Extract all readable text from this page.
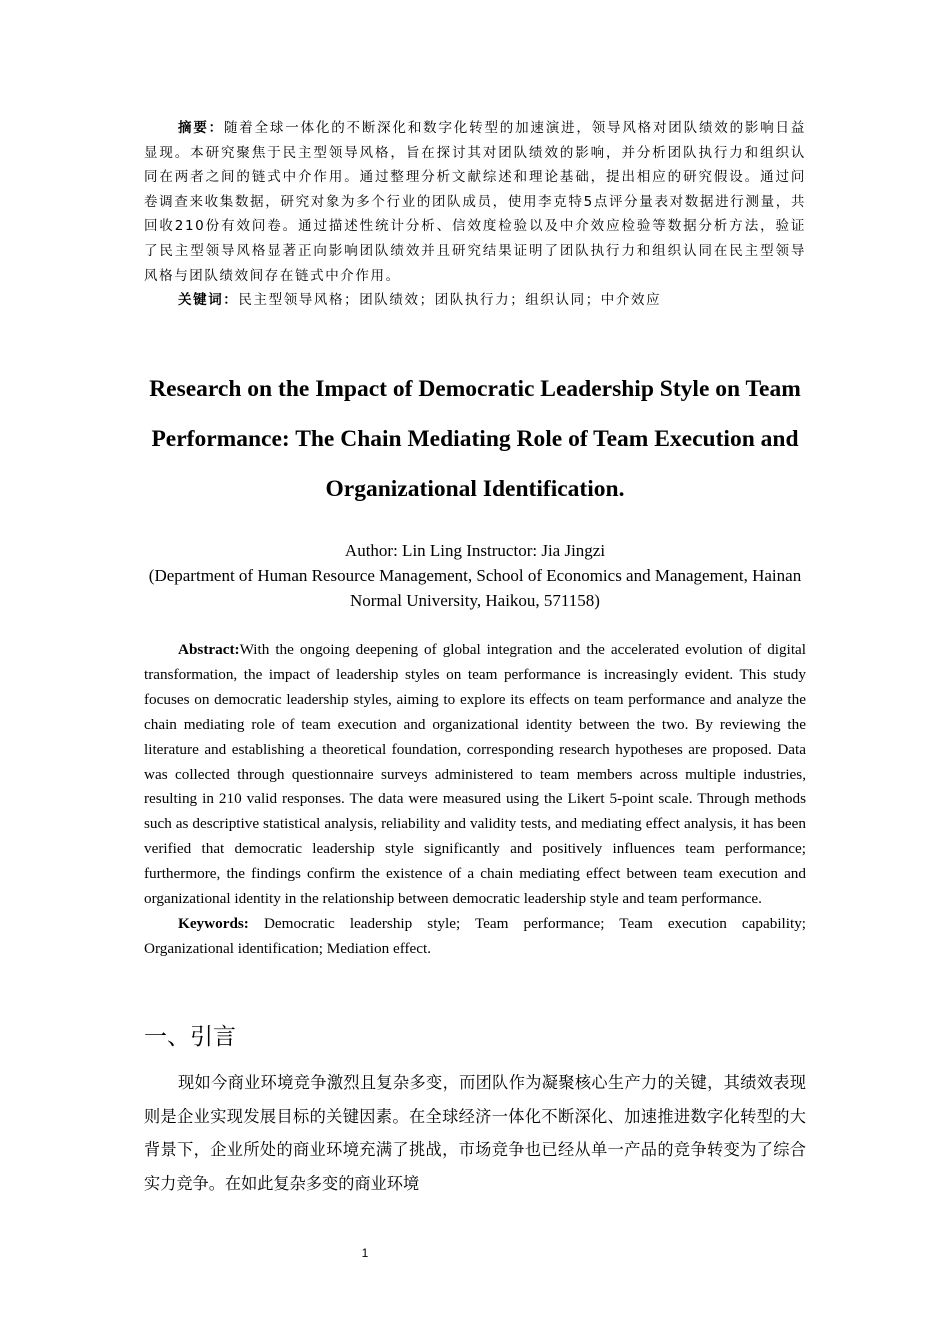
摘要：随着全球一体化的不断深化和数字化转型的加速演进，领导风格对团队绩效的影响日益显现。本研究聚焦于民主型领导风格，旨在探讨其对团队绩效的影响，并分析团队执行力和组织认同在两者之间的链式中介作用。通过整理分析文献综述和理论基础，提出相应的研究假设。通过问卷调查来收集数据，研究对象为多个行业的团队成员，使用李克特5点评分量表对数据进行测量，共回收210份有效问卷。通过描述性统计分析、信效度检验以及中介效应检验等数据分析方法，验证了民主型领导风格显著正向影响团队绩效并且研究结果证明了团队执行力和组织认同在民主型领导风格与团队绩效间存在链式中介作用。

关键词：民主型领导风格；团队绩效；团队执行力；组织认同；中介效应

Research on the Impact of Democratic Leadership Style on Team Performance: The Chain Mediating Role of Team Execution and Organizational Identification.
Author: Lin Ling Instructor: Jia Jingzi
(Department of Human Resource Management, School of Economics and Management, Hainan Normal University, Haikou, 571158)

Abstract:With the ongoing deepening of global integration and the accelerated evolution of digital transformation, the impact of leadership styles on team performance is increasingly evident. This study focuses on democratic leadership styles, aiming to explore its effects on team performance and analyze the chain mediating role of team execution and organizational identity between the two. By reviewing the literature and establishing a theoretical foundation, corresponding research hypotheses are proposed. Data was collected through questionnaire surveys administered to team members across multiple industries, resulting in 210 valid responses. The data were measured using the Likert 5-point scale. Through methods such as descriptive statistical analysis, reliability and validity tests, and mediating effect analysis, it has been verified that democratic leadership style significantly and positively influences team performance; furthermore, the findings confirm the existence of a chain mediating effect between team execution and organizational identity in the relationship between democratic leadership style and team performance.

Keywords: Democratic leadership style; Team performance; Team execution capability; Organizational identification; Mediation effect.

一、引言

现如今商业环境竞争激烈且复杂多变，而团队作为凝聚核心生产力的关键，其绩效表现则是企业实现发展目标的关键因素。在全球经济一体化不断深化、加速推进数字化转型的大背景下，企业所处的商业环境充满了挑战，市场竞争也已经从单一产品的竞争转变为了综合实力竞争。在如此复杂多变的商业环境

1
